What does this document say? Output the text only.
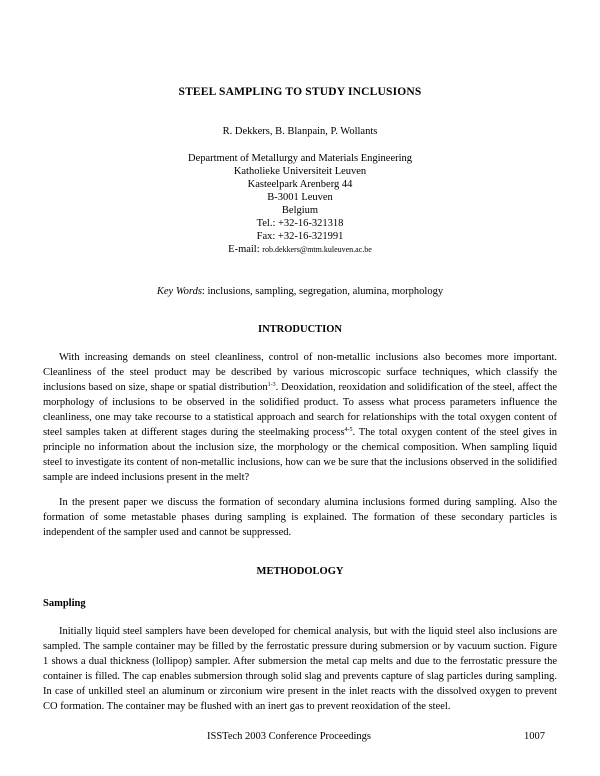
STEEL SAMPLING TO STUDY INCLUSIONS
R. Dekkers, B. Blanpain, P. Wollants
Department of Metallurgy and Materials Engineering
Katholieke Universiteit Leuven
Kasteelpark Arenberg 44
B-3001 Leuven
Belgium
Tel.: +32-16-321318
Fax: +32-16-321991
E-mail: rob.dekkers@mtm.kuleuven.ac.be
Key Words: inclusions, sampling, segregation, alumina, morphology
INTRODUCTION
With increasing demands on steel cleanliness, control of non-metallic inclusions also becomes more important. Cleanliness of the steel product may be described by various microscopic surface techniques, which classify the inclusions based on size, shape or spatial distribution$^{1-3}$. Deoxidation, reoxidation and solidification of the steel, affect the morphology of inclusions to be observed in the solidified product. To assess what process parameters influence the cleanliness, one may take recourse to a statistical approach and search for relationships with the total oxygen content of steel samples taken at different stages during the steelmaking process$^{4-5}$. The total oxygen content of the steel gives in principle no information about the inclusion size, the morphology or the chemical composition. When sampling liquid steel to investigate its content of non-metallic inclusions, how can we be sure that the inclusions observed in the solidified sample are indeed inclusions present in the melt?
In the present paper we discuss the formation of secondary alumina inclusions formed during sampling. Also the formation of some metastable phases during sampling is explained. The formation of these secondary particles is independent of the sampler used and cannot be suppressed.
METHODOLOGY
Sampling
Initially liquid steel samplers have been developed for chemical analysis, but with the liquid steel also inclusions are sampled. The sample container may be filled by the ferrostatic pressure during submersion or by vacuum suction. Figure 1 shows a dual thickness (lollipop) sampler. After submersion the metal cap melts and due to the ferrostatic pressure the container is filled. The cap enables submersion through solid slag and prevents capture of slag particles during sampling. In case of unkilled steel an aluminum or zirconium wire present in the inlet reacts with the dissolved oxygen to prevent CO formation. The container may be flushed with an inert gas to prevent reoxidation of the steel.
ISSTech 2003 Conference Proceedings	1007
